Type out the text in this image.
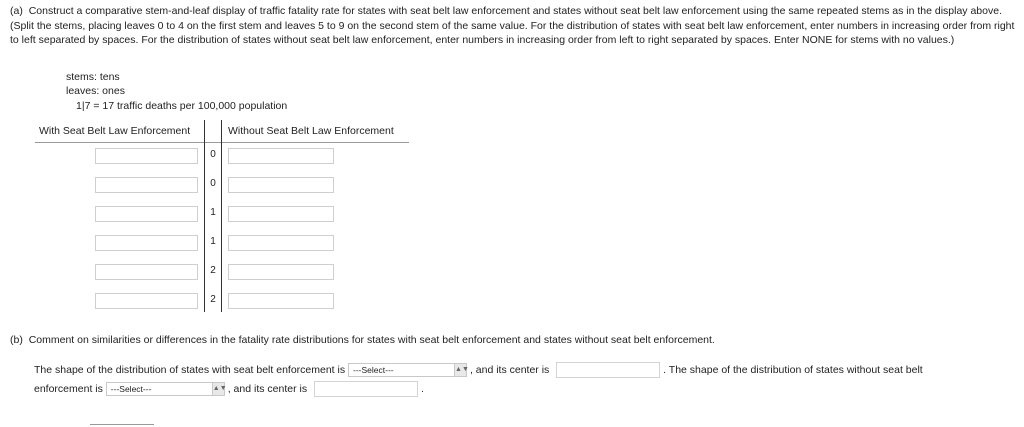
(a) Construct a comparative stem-and-leaf display of traffic fatality rate for states with seat belt law enforcement and states without seat belt law enforcement using the same repeated stems as in the display above. (Split the stems, placing leaves 0 to 4 on the first stem and leaves 5 to 9 on the second stem of the same value. For the distribution of states with seat belt law enforcement, enter numbers in increasing order from right to left separated by spaces. For the distribution of states without seat belt law enforcement, enter numbers in increasing order from left to right separated by spaces. Enter NONE for stems with no values.)
stems: tens
leaves: ones
1|7 = 17 traffic deaths per 100,000 population
With Seat Belt Law Enforcement	Without Seat Belt Law Enforcement
0
0
1
1
2
2
(b) Comment on similarities or differences in the fatality rate distributions for states with seat belt enforcement and states without seat belt enforcement.
The shape of the distribution of states with seat belt enforcement is ---Select---	▲▼ , and its center is	. The shape of the distribution of states without seat belt
enforcement is ---Select---	▲▼ , and its center is	.
